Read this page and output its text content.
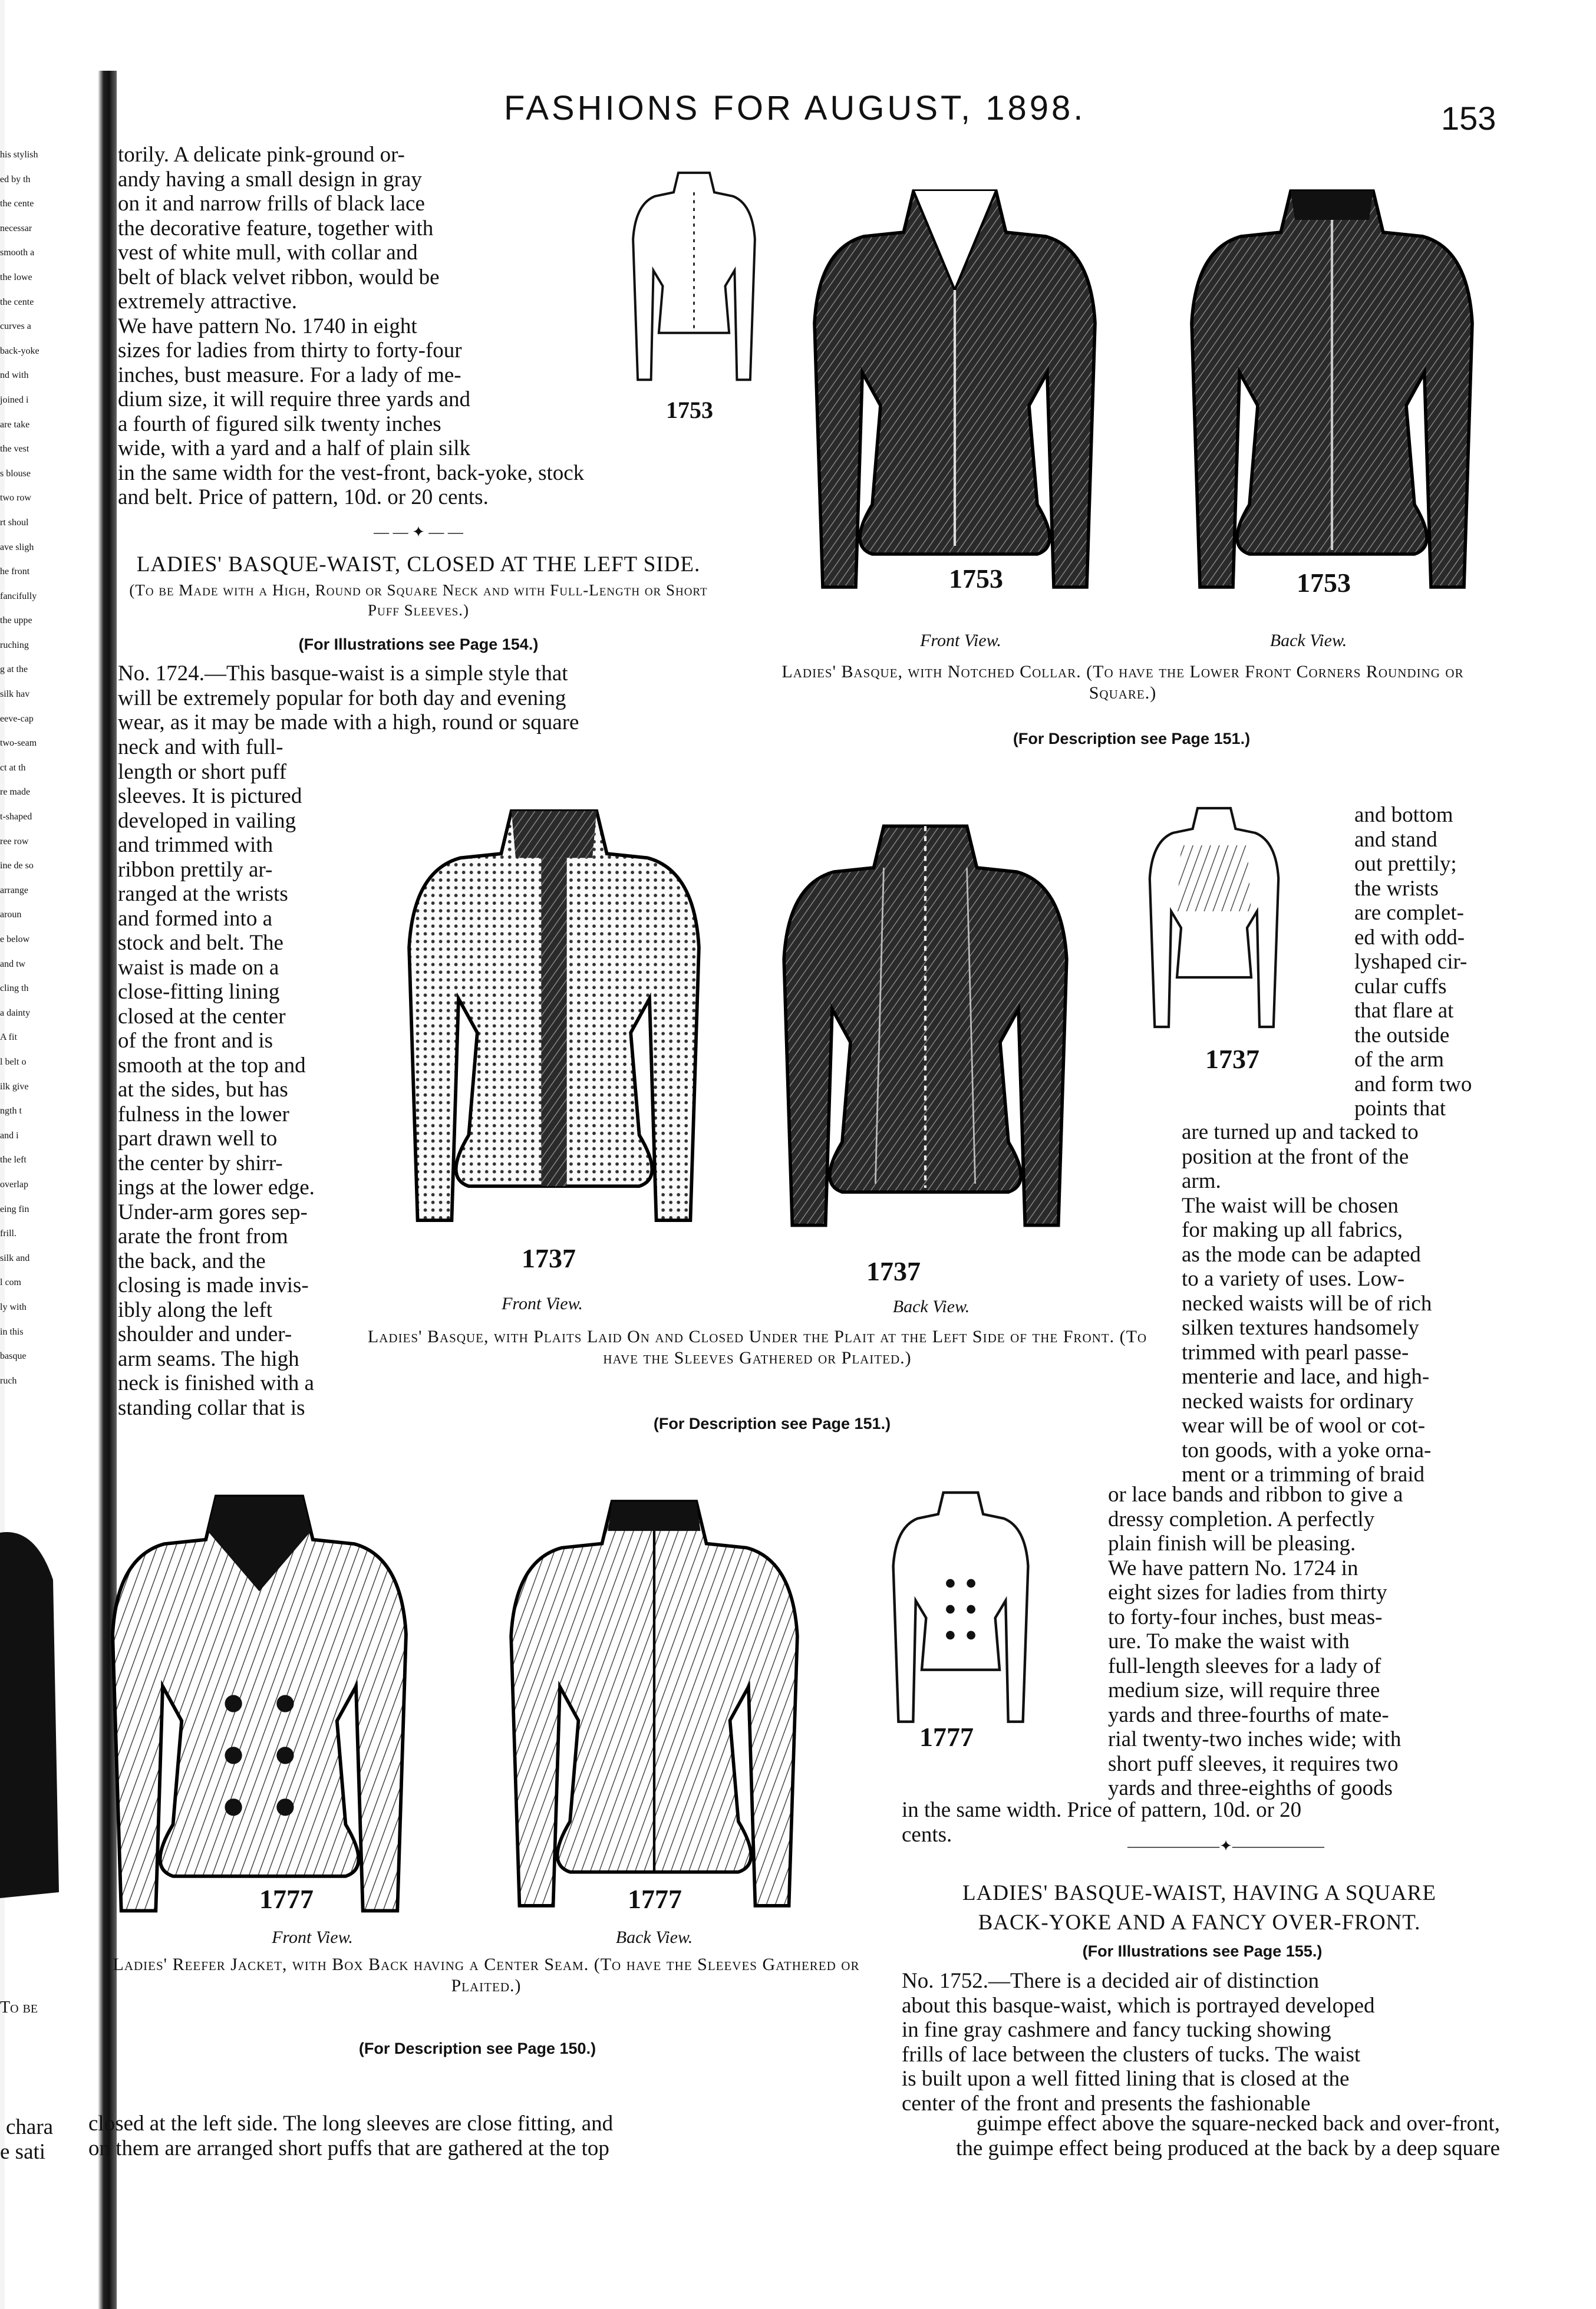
FASHIONS FOR AUGUST, 1898.	153
his stylish
ed by th
the cente
necessar
smooth a
the lowe
the cente
curves a
back-yoke
nd with
joined i
are take
the vest
s blouse
two row
rt shoul
ave sligh
he front
fancifully
the uppe
ruching
g at the
silk hav
eeve-cap
two-seam
ct at th
re made
t-shaped
ree row
ine de so
arrange
aroun
e below
and tw
cling th
a dainty
A fit
l belt o
ilk give
ngth t
and i
the left
overlap
eing fin
frill.
silk and
l com
ly with
in this
basque
ruch
To be
chara
e sati
torily. A delicate pink-ground or-
andy having a small design in gray
on it and narrow frills of black lace
the decorative feature, together with
vest of white mull, with collar and
belt of black velvet ribbon, would be
extremely attractive.
We have pattern No. 1740 in eight
sizes for ladies from thirty to forty-four
inches, bust measure. For a lady of me-
dium size, it will require three yards and
a fourth of figured silk twenty inches
wide, with a yard and a half of plain silk
in the same width for the vest-front, back-yoke, stock
and belt. Price of pattern, 10d. or 20 cents.
— — ✦ — —
LADIES' BASQUE-WAIST, CLOSED AT THE LEFT SIDE.
(To be Made with a High, Round or Square Neck and with Full-Length or Short Puff Sleeves.)
(For Illustrations see Page 154.)
No. 1724.—This basque-waist is a simple style that
will be extremely popular for both day and evening
wear, as it may be made with a high, round or square
neck and with full-
length or short puff
sleeves. It is pictured
developed in vailing
and trimmed with
ribbon prettily ar-
ranged at the wrists
and formed into a
stock and belt. The
waist is made on a
close-fitting lining
closed at the center
of the front and is
smooth at the top and
at the sides, but has
fulness in the lower
part drawn well to
the center by shirr-
ings at the lower edge.
Under-arm gores sep-
arate the front from
the back, and the
closing is made invis-
ibly along the left
shoulder and under-
arm seams. The high
neck is finished with a
standing collar that is
1753
1753	1753
Front View.	Back View.
Ladies' Basque, with Notched Collar. (To have the Lower Front Corners Rounding or Square.)
(For Description see Page 151.)
1737	1737
1737
Front View.	Back View.
Ladies' Basque, with Plaits Laid On and Closed Under the Plait at the Left Side of the Front. (To have the Sleeves Gathered or Plaited.)
(For Description see Page 151.)
and bottom
and stand
out prettily;
the wrists
are complet-
ed with odd-
lyshaped cir-
cular cuffs
that flare at
the outside
of the arm
and form two
points that
are turned up and tacked to
position at the front of the
arm.
The waist will be chosen
for making up all fabrics,
as the mode can be adapted
to a variety of uses. Low-
necked waists will be of rich
silken textures handsomely
trimmed with pearl passe-
menterie and lace, and high-
necked waists for ordinary
wear will be of wool or cot-
ton goods, with a yoke orna-
ment or a trimming of braid
or lace bands and ribbon to give a
dressy completion. A perfectly
plain finish will be pleasing.
We have pattern No. 1724 in
eight sizes for ladies from thirty
to forty-four inches, bust meas-
ure. To make the waist with
full-length sleeves for a lady of
medium size, will require three
yards and three-fourths of mate-
rial twenty-two inches wide; with
short puff sleeves, it requires two
yards and three-eighths of goods
in the same width. Price of pattern, 10d. or 20
cents.
1777	1777
1777
Front View.	Back View.
Ladies' Reefer Jacket, with Box Back having a Center Seam. (To have the Sleeves Gathered or Plaited.)
(For Description see Page 150.)
——————✦——————
LADIES' BASQUE-WAIST, HAVING A SQUARE
BACK-YOKE AND A FANCY OVER-FRONT.
(For Illustrations see Page 155.)
No. 1752.—There is a decided air of distinction
about this basque-waist, which is portrayed developed
in fine gray cashmere and fancy tucking showing
frills of lace between the clusters of tucks. The waist
is built upon a well fitted lining that is closed at the
center of the front and presents the fashionable
closed at the left side. The long sleeves are close fitting, and
on them are arranged short puffs that are gathered at the top
guimpe effect above the square-necked back and over-front,
the guimpe effect being produced at the back by a deep square
